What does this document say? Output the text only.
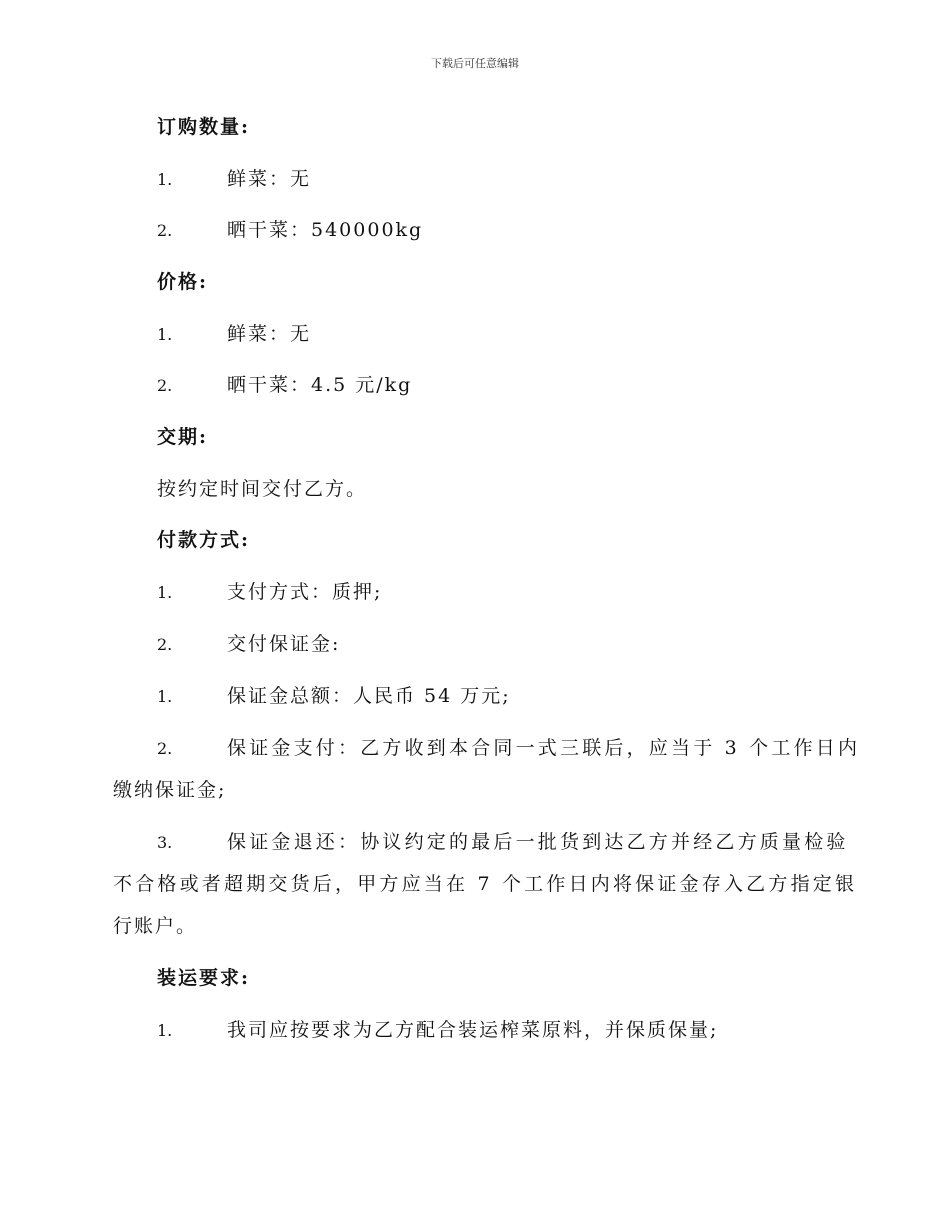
下载后可任意编辑
订购数量:
1.	鲜菜：无
2.	晒干菜：540000kg
价格:
1.	鲜菜：无
2.	晒干菜：4.5 元/kg
交期:
按约定时间交付乙方。
付款方式:
1.	支付方式：质押;
2.	交付保证金:
1.	保证金总额：人民币 54 万元;
2.	保证金支付：乙方收到本合同一式三联后，应当于 3 个工作日内
缴纳保证金;
3.	保证金退还：协议约定的最后一批货到达乙方并经乙方质量检验
不合格或者超期交货后，甲方应当在 7 个工作日内将保证金存入乙方指定银
行账户。
装运要求:
1.	我司应按要求为乙方配合装运榨菜原料，并保质保量;
